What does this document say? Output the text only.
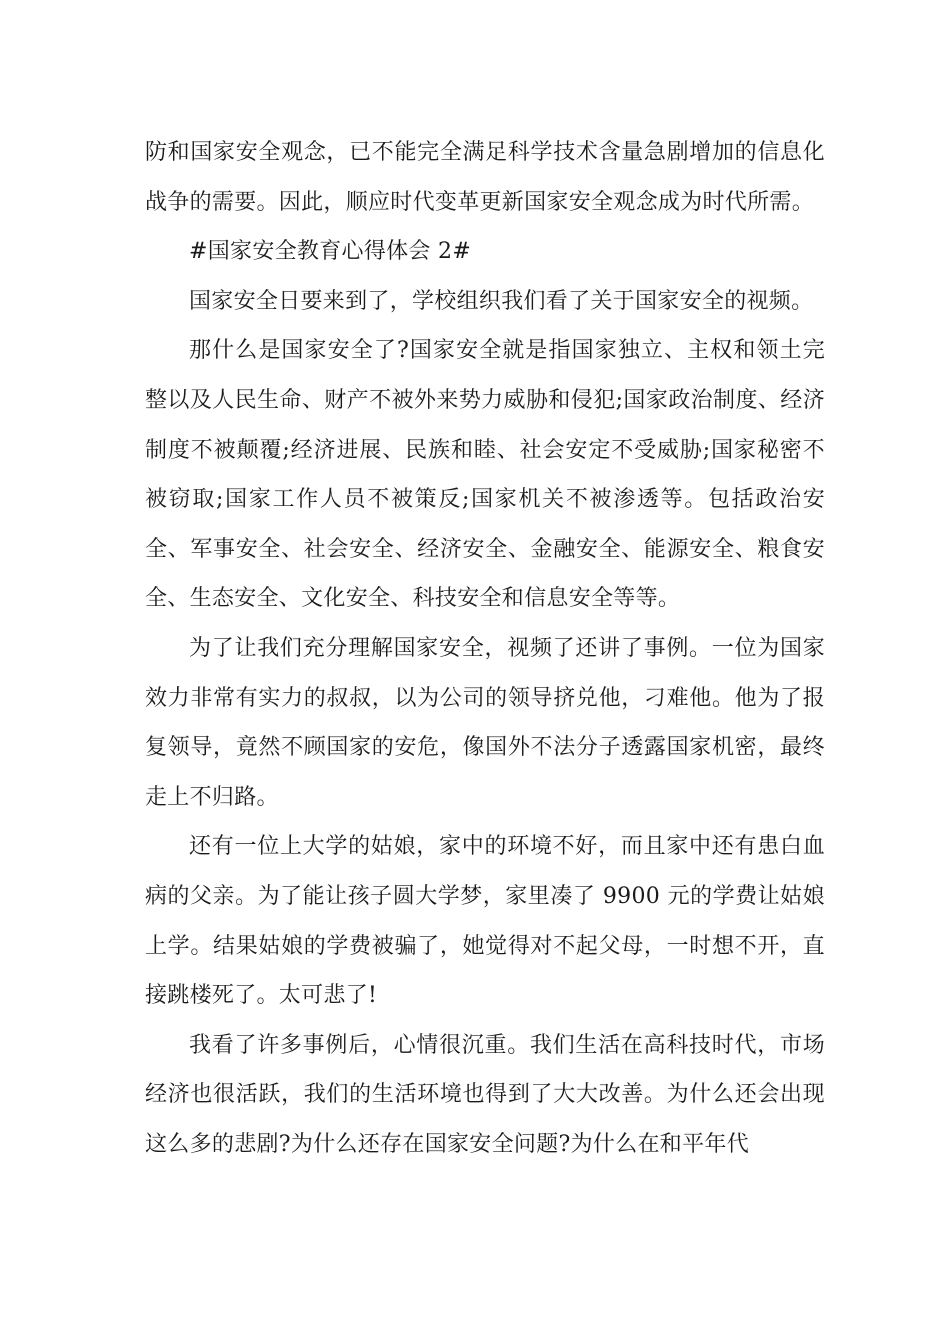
防和国家安全观念，已不能完全满足科学技术含量急剧增加的信息化战争的需要。因此，顺应时代变革更新国家安全观念成为时代所需。

#国家安全教育心得体会 2#

国家安全日要来到了，学校组织我们看了关于国家安全的视频。

那什么是国家安全了?国家安全就是指国家独立、主权和领土完整以及人民生命、财产不被外来势力威胁和侵犯;国家政治制度、经济制度不被颠覆;经济进展、民族和睦、社会安定不受威胁;国家秘密不被窃取;国家工作人员不被策反;国家机关不被渗透等。包括政治安全、军事安全、社会安全、经济安全、金融安全、能源安全、粮食安全、生态安全、文化安全、科技安全和信息安全等等。

为了让我们充分理解国家安全，视频了还讲了事例。一位为国家效力非常有实力的叔叔，以为公司的领导挤兑他，刁难他。他为了报复领导，竟然不顾国家的安危，像国外不法分子透露国家机密，最终走上不归路。

还有一位上大学的姑娘，家中的环境不好，而且家中还有患白血病的父亲。为了能让孩子圆大学梦，家里凑了 9900 元的学费让姑娘上学。结果姑娘的学费被骗了，她觉得对不起父母，一时想不开，直接跳楼死了。太可悲了!

我看了许多事例后，心情很沉重。我们生活在高科技时代，市场经济也很活跃，我们的生活环境也得到了大大改善。为什么还会出现这么多的悲剧?为什么还存在国家安全问题?为什么在和平年代
